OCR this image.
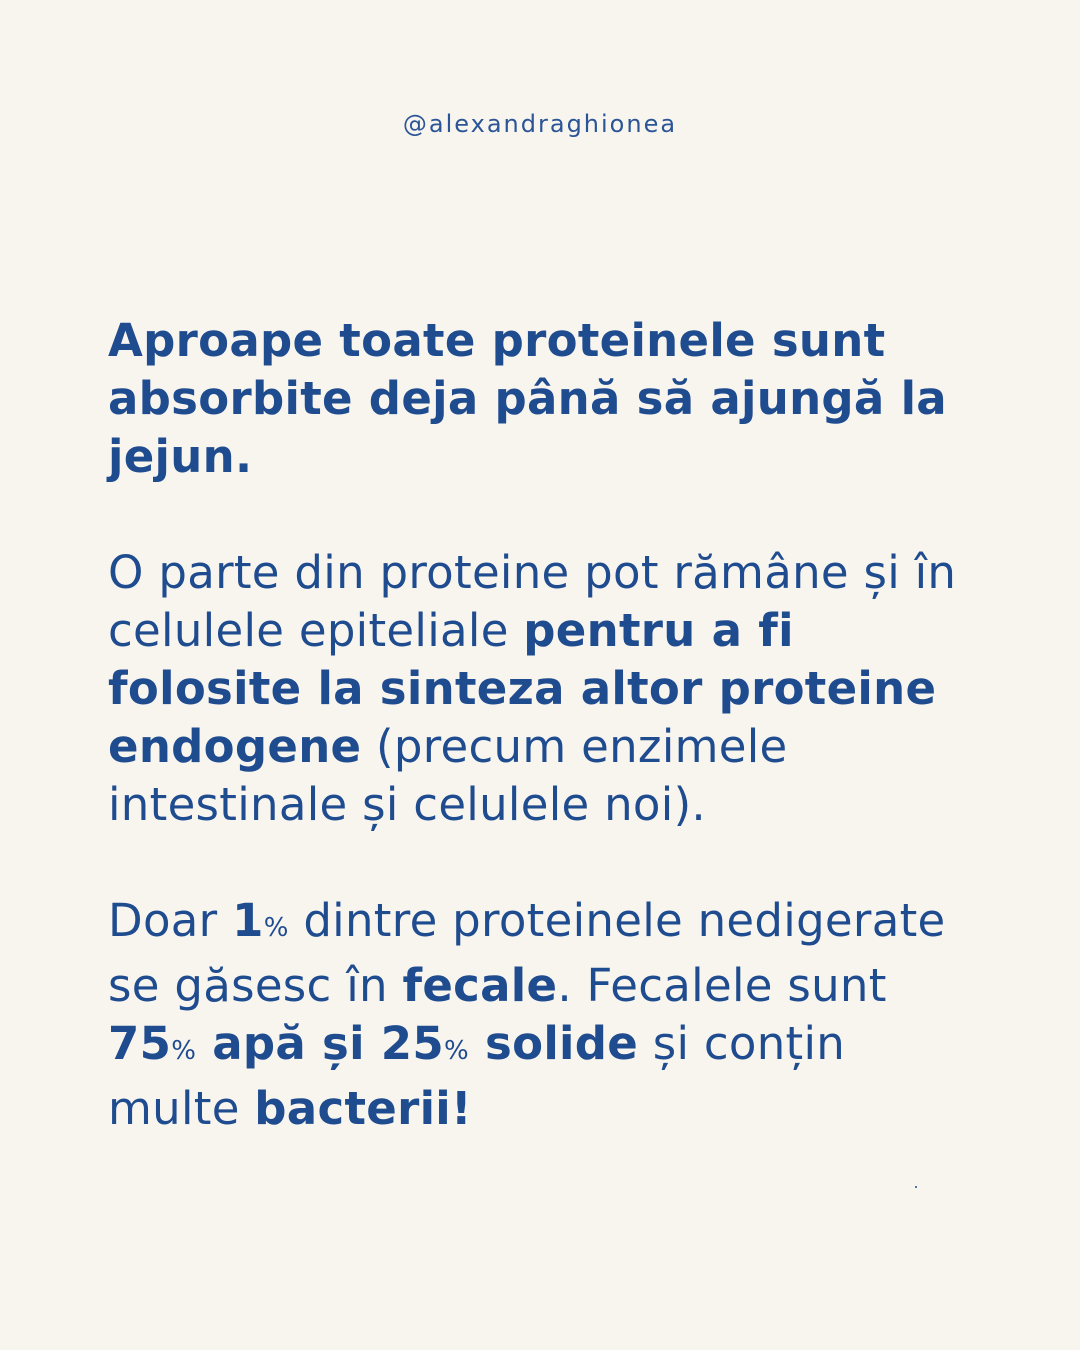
@alexandraghionea

Aproape toate proteinele sunt absorbite deja până să ajungă la jejun.

O parte din proteine pot rămâne și în celulele epiteliale pentru a fi folosite la sinteza altor proteine endogene (precum enzimele intestinale și celulele noi).

Doar 1% dintre proteinele nedigerate se găsesc în fecale. Fecalele sunt 75% apă și 25% solide și conțin multe bacterii!
